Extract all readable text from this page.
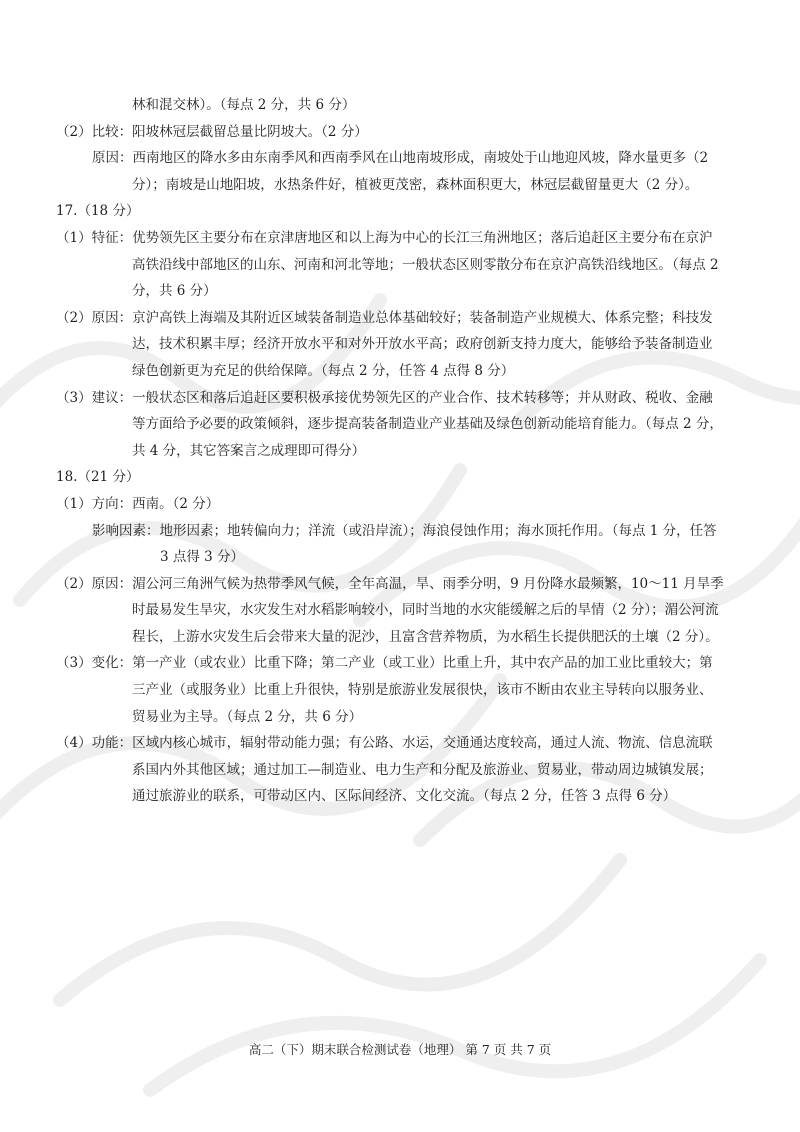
林和混交林）。（每点 2 分，共 6 分）
（2）比较：阳坡林冠层截留总量比阴坡大。（2 分）
原因：西南地区的降水多由东南季风和西南季风在山地南坡形成，南坡处于山地迎风坡，降水量更多（2
分）；南坡是山地阳坡，水热条件好，植被更茂密，森林面积更大，林冠层截留量更大（2 分）。
17.（18 分）
（1）特征：优势领先区主要分布在京津唐地区和以上海为中心的长江三角洲地区；落后追赶区主要分布在京沪
高铁沿线中部地区的山东、河南和河北等地；一般状态区则零散分布在京沪高铁沿线地区。（每点 2
分，共 6 分）
（2）原因：京沪高铁上海端及其附近区域装备制造业总体基础较好；装备制造产业规模大、体系完整；科技发
达，技术积累丰厚；经济开放水平和对外开放水平高；政府创新支持力度大，能够给予装备制造业
绿色创新更为充足的供给保障。（每点 2 分，任答 4 点得 8 分）
（3）建议：一般状态区和落后追赶区要积极承接优势领先区的产业合作、技术转移等；并从财政、税收、金融
等方面给予必要的政策倾斜，逐步提高装备制造业产业基础及绿色创新动能培育能力。（每点 2 分，
共 4 分，其它答案言之成理即可得分）
18.（21 分）
（1）方向：西南。（2 分）
影响因素：地形因素；地转偏向力；洋流（或沿岸流）；海浪侵蚀作用；海水顶托作用。（每点 1 分，任答
3 点得 3 分）
（2）原因：湄公河三角洲气候为热带季风气候，全年高温，旱、雨季分明，9 月份降水最频繁，10～11 月旱季
时最易发生旱灾，水灾发生对水稻影响较小，同时当地的水灾能缓解之后的旱情（2 分）；湄公河流
程长，上游水灾发生后会带来大量的泥沙，且富含营养物质，为水稻生长提供肥沃的土壤（2 分）。
（3）变化：第一产业（或农业）比重下降；第二产业（或工业）比重上升，其中农产品的加工业比重较大；第
三产业（或服务业）比重上升很快，特别是旅游业发展很快，该市不断由农业主导转向以服务业、
贸易业为主导。（每点 2 分，共 6 分）
（4）功能：区域内核心城市，辐射带动能力强；有公路、水运，交通通达度较高，通过人流、物流、信息流联
系国内外其他区域；通过加工—制造业、电力生产和分配及旅游业、贸易业，带动周边城镇发展；
通过旅游业的联系，可带动区内、区际间经济、文化交流。（每点 2 分，任答 3 点得 6 分）
高二（下）期末联合检测试卷（地理） 第 7 页 共 7 页
